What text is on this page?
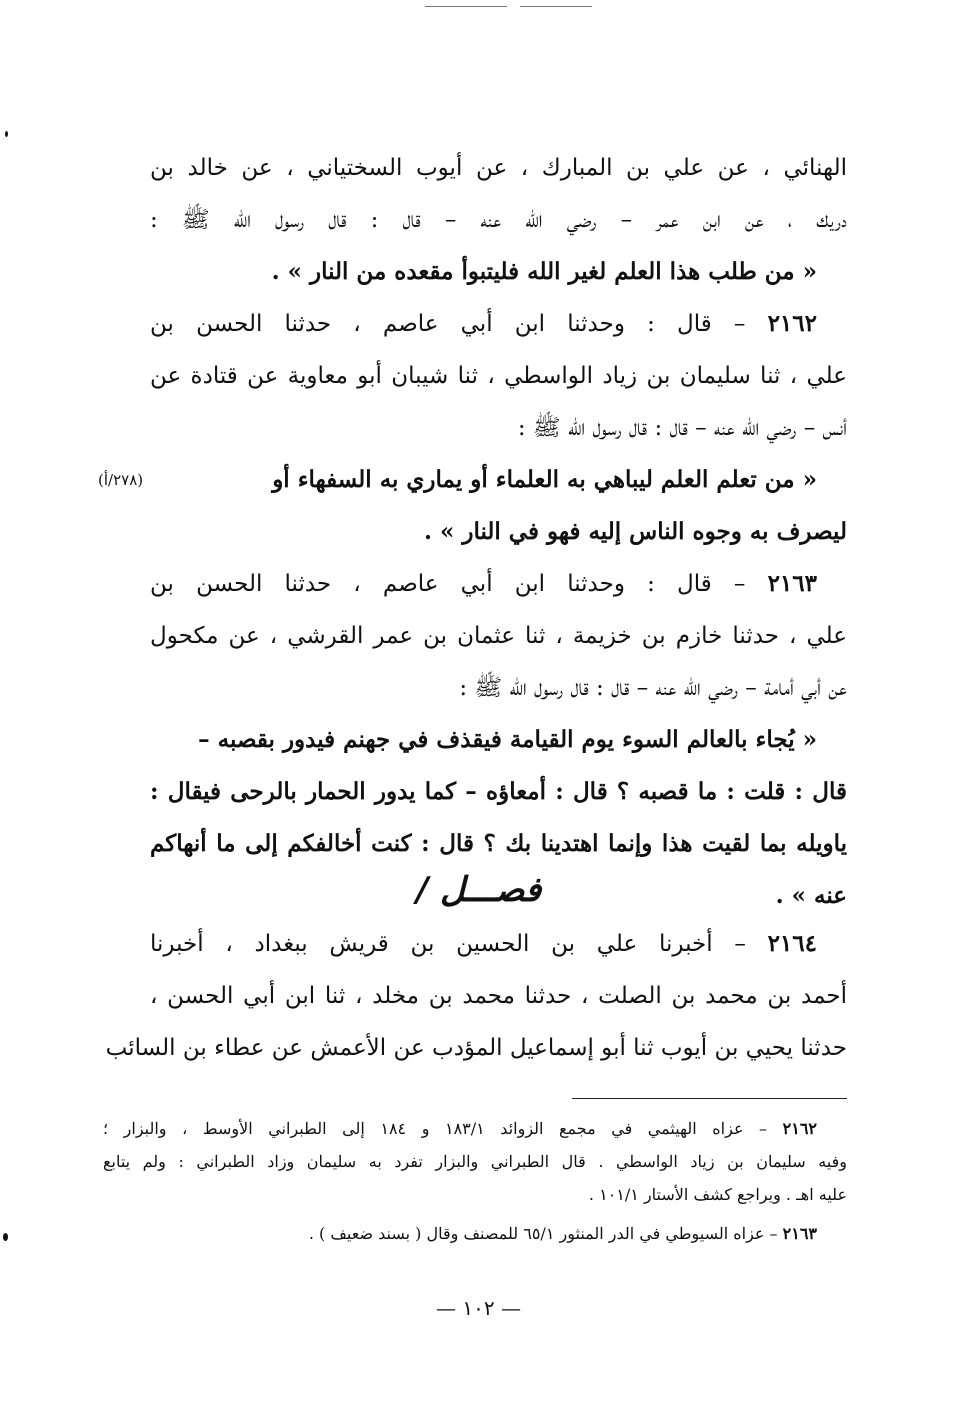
الهنائي ، عن علي بن المبارك ، عن أيوب السختياني ، عن خالد بن
دريك ، عن ابن عمر – رضي الله عنه – قال : قال رسول الله ﷺ :
« من طلب هذا العلم لغير الله فليتبوأ مقعده من النار » .
٢١٦٢ – قال : وحدثنا ابن أبي عاصم ، حدثنا الحسن بن
علي ، ثنا سليمان بن زياد الواسطي ، ثنا شيبان أبو معاوية عن قتادة عن
أنس – رضي الله عنه – قال : قال رسول الله ﷺ :
« من تعلم العلم ليباهي به العلماء أو يماري به السفهاء أو
(٢٧٨/أ)
ليصرف به وجوه الناس إليه فهو في النار » .
٢١٦٣ – قال : وحدثنا ابن أبي عاصم ، حدثنا الحسن بن
علي ، حدثنا خازم بن خزيمة ، ثنا عثمان بن عمر القرشي ، عن مكحول
عن أبي أمامة – رضي الله عنه – قال : قال رسول الله ﷺ :
« يُجاء بالعالم السوء يوم القيامة فيقذف في جهنم فيدور بقصبه –
قال : قلت : ما قصبه ؟ قال : أمعاؤه – كما يدور الحمار بالرحى فيقال :
ياويله بما لقيت هذا وإنما اهتدينا بك ؟ قال : كنت أخالفكم إلى ما أنهاكم
عنه » .
فصـــل /
٢١٦٤ – أخبرنا علي بن الحسين بن قريش ببغداد ، أخبرنا
أحمد بن محمد بن الصلت ، حدثنا محمد بن مخلد ، ثنا ابن أبي الحسن ،
حدثنا يحيي بن أيوب ثنا أبو إسماعيل المؤدب عن الأعمش عن عطاء بن السائب
٢١٦٢ – عزاه الهيثمي في مجمع الزوائد ١٨٣/١ و ١٨٤ إلى الطبراني الأوسط ، والبزار ؛
وفيه سليمان بن زياد الواسطي . قال الطبراني والبزار تفرد به سليمان وزاد الطبراني : ولم يتابع
عليه اهـ . ويراجع كشف الأستار ١٠١/١ .
٢١٦٣ – عزاه السيوطي في الدر المنثور ٦٥/١ للمصنف وقال ( بسند ضعيف ) .
— ١٠٢ —
